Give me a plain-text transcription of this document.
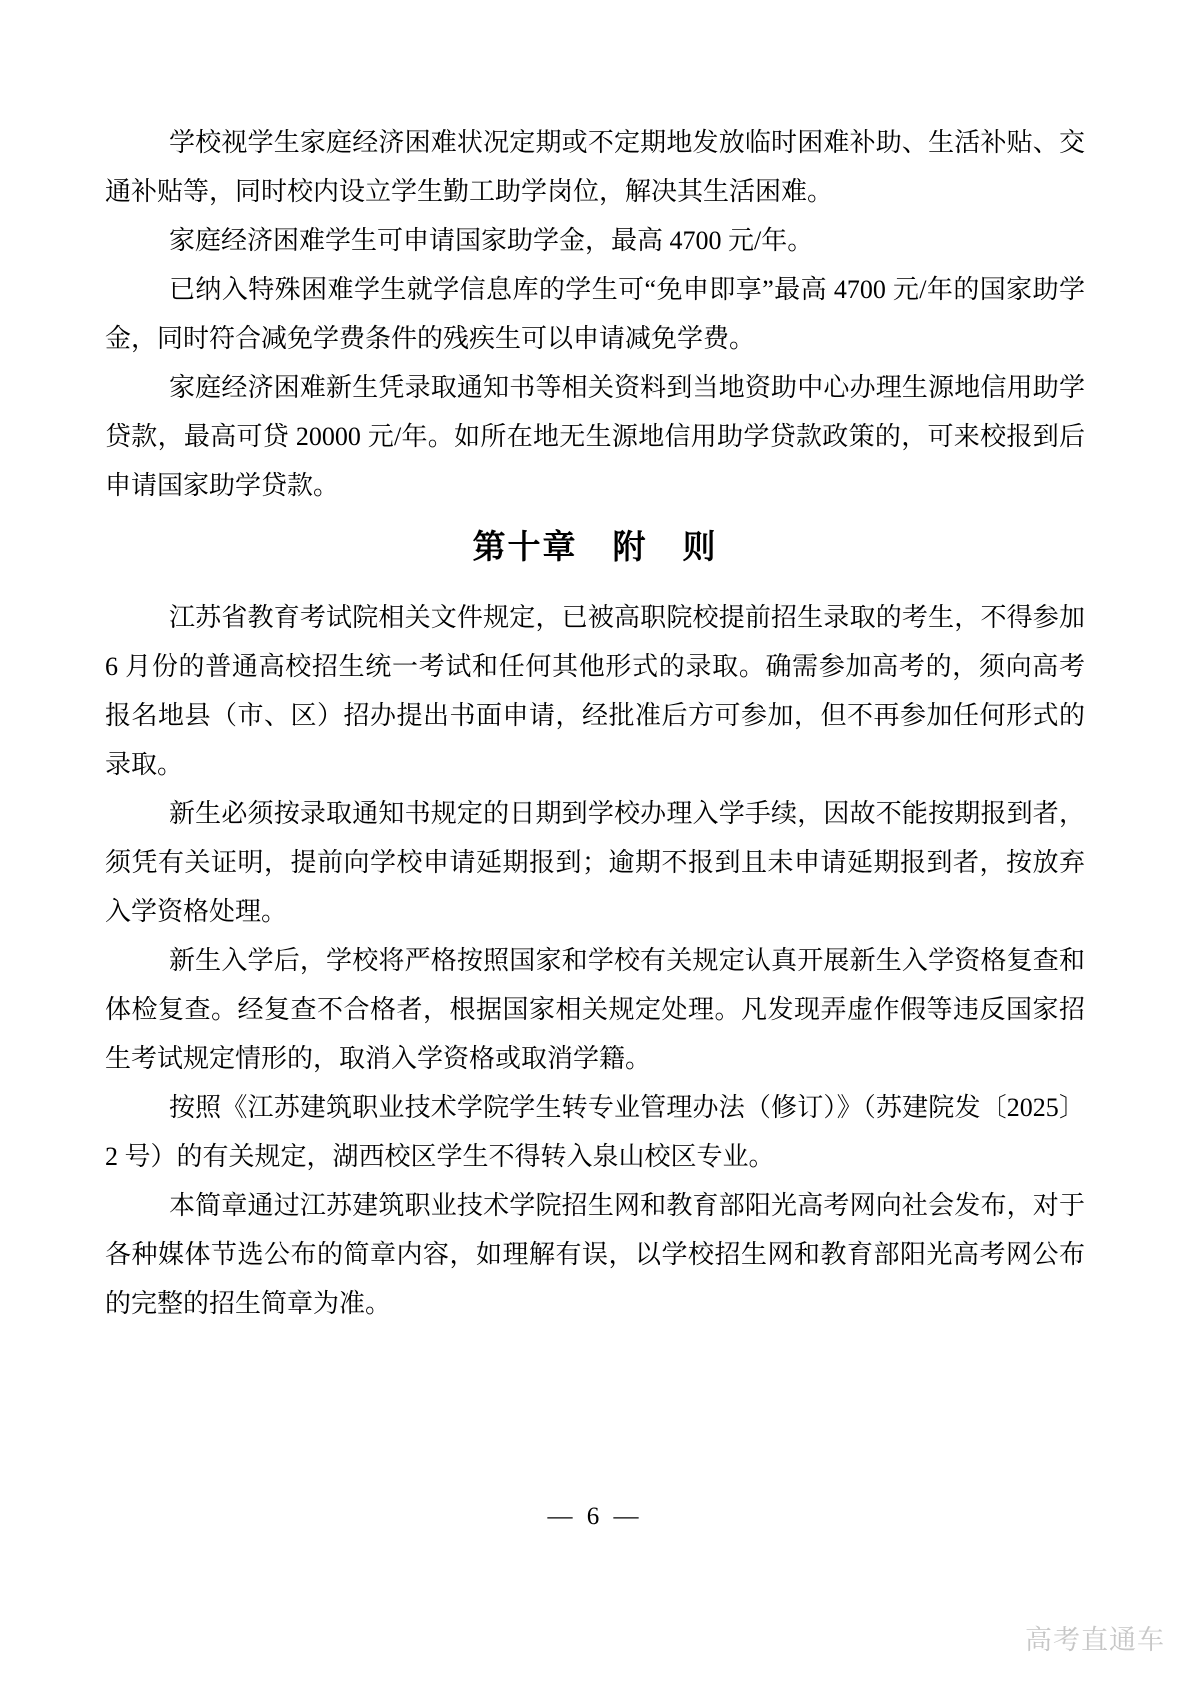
学校视学生家庭经济困难状况定期或不定期地发放临时困难补助、生活补贴、交通补贴等，同时校内设立学生勤工助学岗位，解决其生活困难。

家庭经济困难学生可申请国家助学金，最高 4700 元/年。

已纳入特殊困难学生就学信息库的学生可“免申即享”最高 4700 元/年的国家助学金，同时符合减免学费条件的残疾生可以申请减免学费。

家庭经济困难新生凭录取通知书等相关资料到当地资助中心办理生源地信用助学贷款，最高可贷 20000 元/年。如所在地无生源地信用助学贷款政策的，可来校报到后申请国家助学贷款。

第十章　附　则

江苏省教育考试院相关文件规定，已被高职院校提前招生录取的考生，不得参加 6 月份的普通高校招生统一考试和任何其他形式的录取。确需参加高考的，须向高考报名地县（市、区）招办提出书面申请，经批准后方可参加，但不再参加任何形式的录取。

新生必须按录取通知书规定的日期到学校办理入学手续，因故不能按期报到者，须凭有关证明，提前向学校申请延期报到；逾期不报到且未申请延期报到者，按放弃入学资格处理。

新生入学后，学校将严格按照国家和学校有关规定认真开展新生入学资格复查和体检复查。经复查不合格者，根据国家相关规定处理。凡发现弄虚作假等违反国家招生考试规定情形的，取消入学资格或取消学籍。

按照《江苏建筑职业技术学院学生转专业管理办法（修订）》（苏建院发〔2025〕2 号）的有关规定，湖西校区学生不得转入泉山校区专业。

本简章通过江苏建筑职业技术学院招生网和教育部阳光高考网向社会发布，对于各种媒体节选公布的简章内容，如理解有误，以学校招生网和教育部阳光高考网公布的完整的招生简章为准。

— 6 —
高考直通车
